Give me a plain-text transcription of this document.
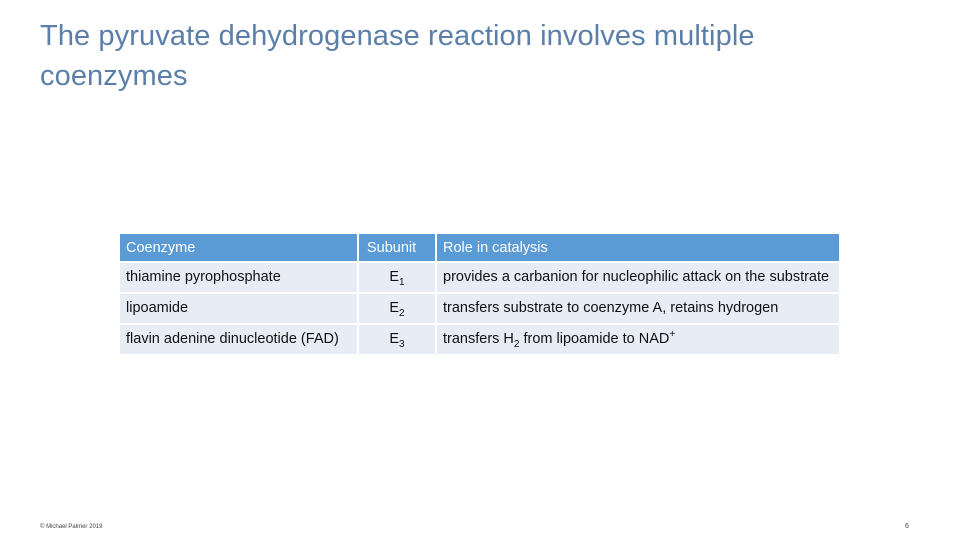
The pyruvate dehydrogenase reaction involves multiple coenzymes
Coenzyme	Subunit	Role in catalysis
thiamine pyrophosphate	$E_1$	provides a carbanion for nucleophilic attack on the substrate
lipoamide	$E_2$	transfers substrate to coenzyme A, retains hydrogen
flavin adenine dinucleotide (FAD)	$E_3$	transfers $H_2$ from lipoamide to NAD+
© Michael Palmer 2019	6
